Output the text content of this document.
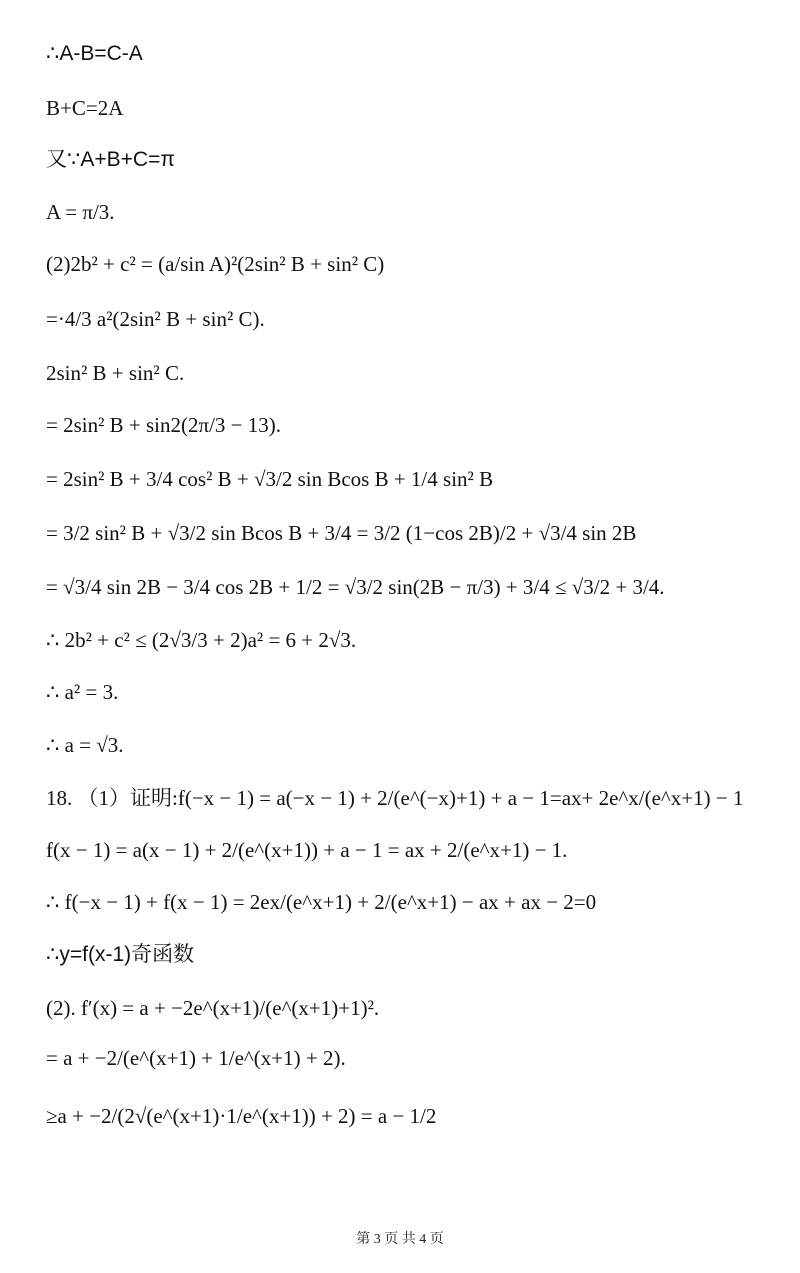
∴A-B=C-A
B+C=2A
又∵A+B+C=π
A = π/3.
(2)2b² + c² = (a/sin A)²(2sin² B + sin² C)
=·4/3 a²(2sin² B + sin² C).
2sin² B + sin² C.
= 2sin² B + sin2(2π/3 − 13).
= 2sin² B + 3/4 cos² B + √3/2 sin Bcos B + 1/4 sin² B
= 3/2 sin² B + √3/2 sin Bcos B + 3/4 = 3/2 (1−cos 2B)/2 + √3/4 sin 2B
= √3/4 sin 2B − 3/4 cos 2B + 1/2 = √3/2 sin(2B − π/3) + 3/4 ≤ √3/2 + 3/4.
∴ 2b² + c² ≤ (2√3/3 + 2)a² = 6 + 2√3.
∴ a² = 3.
∴ a = √3.
18. （1）证明:f(−x − 1) = a(−x − 1) + 2/(e^(−x)+1) + a − 1=ax+ 2e^x/(e^x+1) − 1
f(x − 1) = a(x − 1) + 2/(e^(x+1)) + a − 1 = ax + 2/(e^x+1) − 1.
∴ f(−x − 1) + f(x − 1) = 2ex/(e^x+1) + 2/(e^x+1) − ax + ax − 2=0
∴y=f(x-1)奇函数
(2). f′(x) = a + −2e^(x+1)/(e^(x+1)+1)².
= a + −2/(e^(x+1) + 1/e^(x+1) + 2).
≥a + −2/(2√(e^(x+1)·1/e^(x+1)) + 2) = a − 1/2
第 3 页 共 4 页
